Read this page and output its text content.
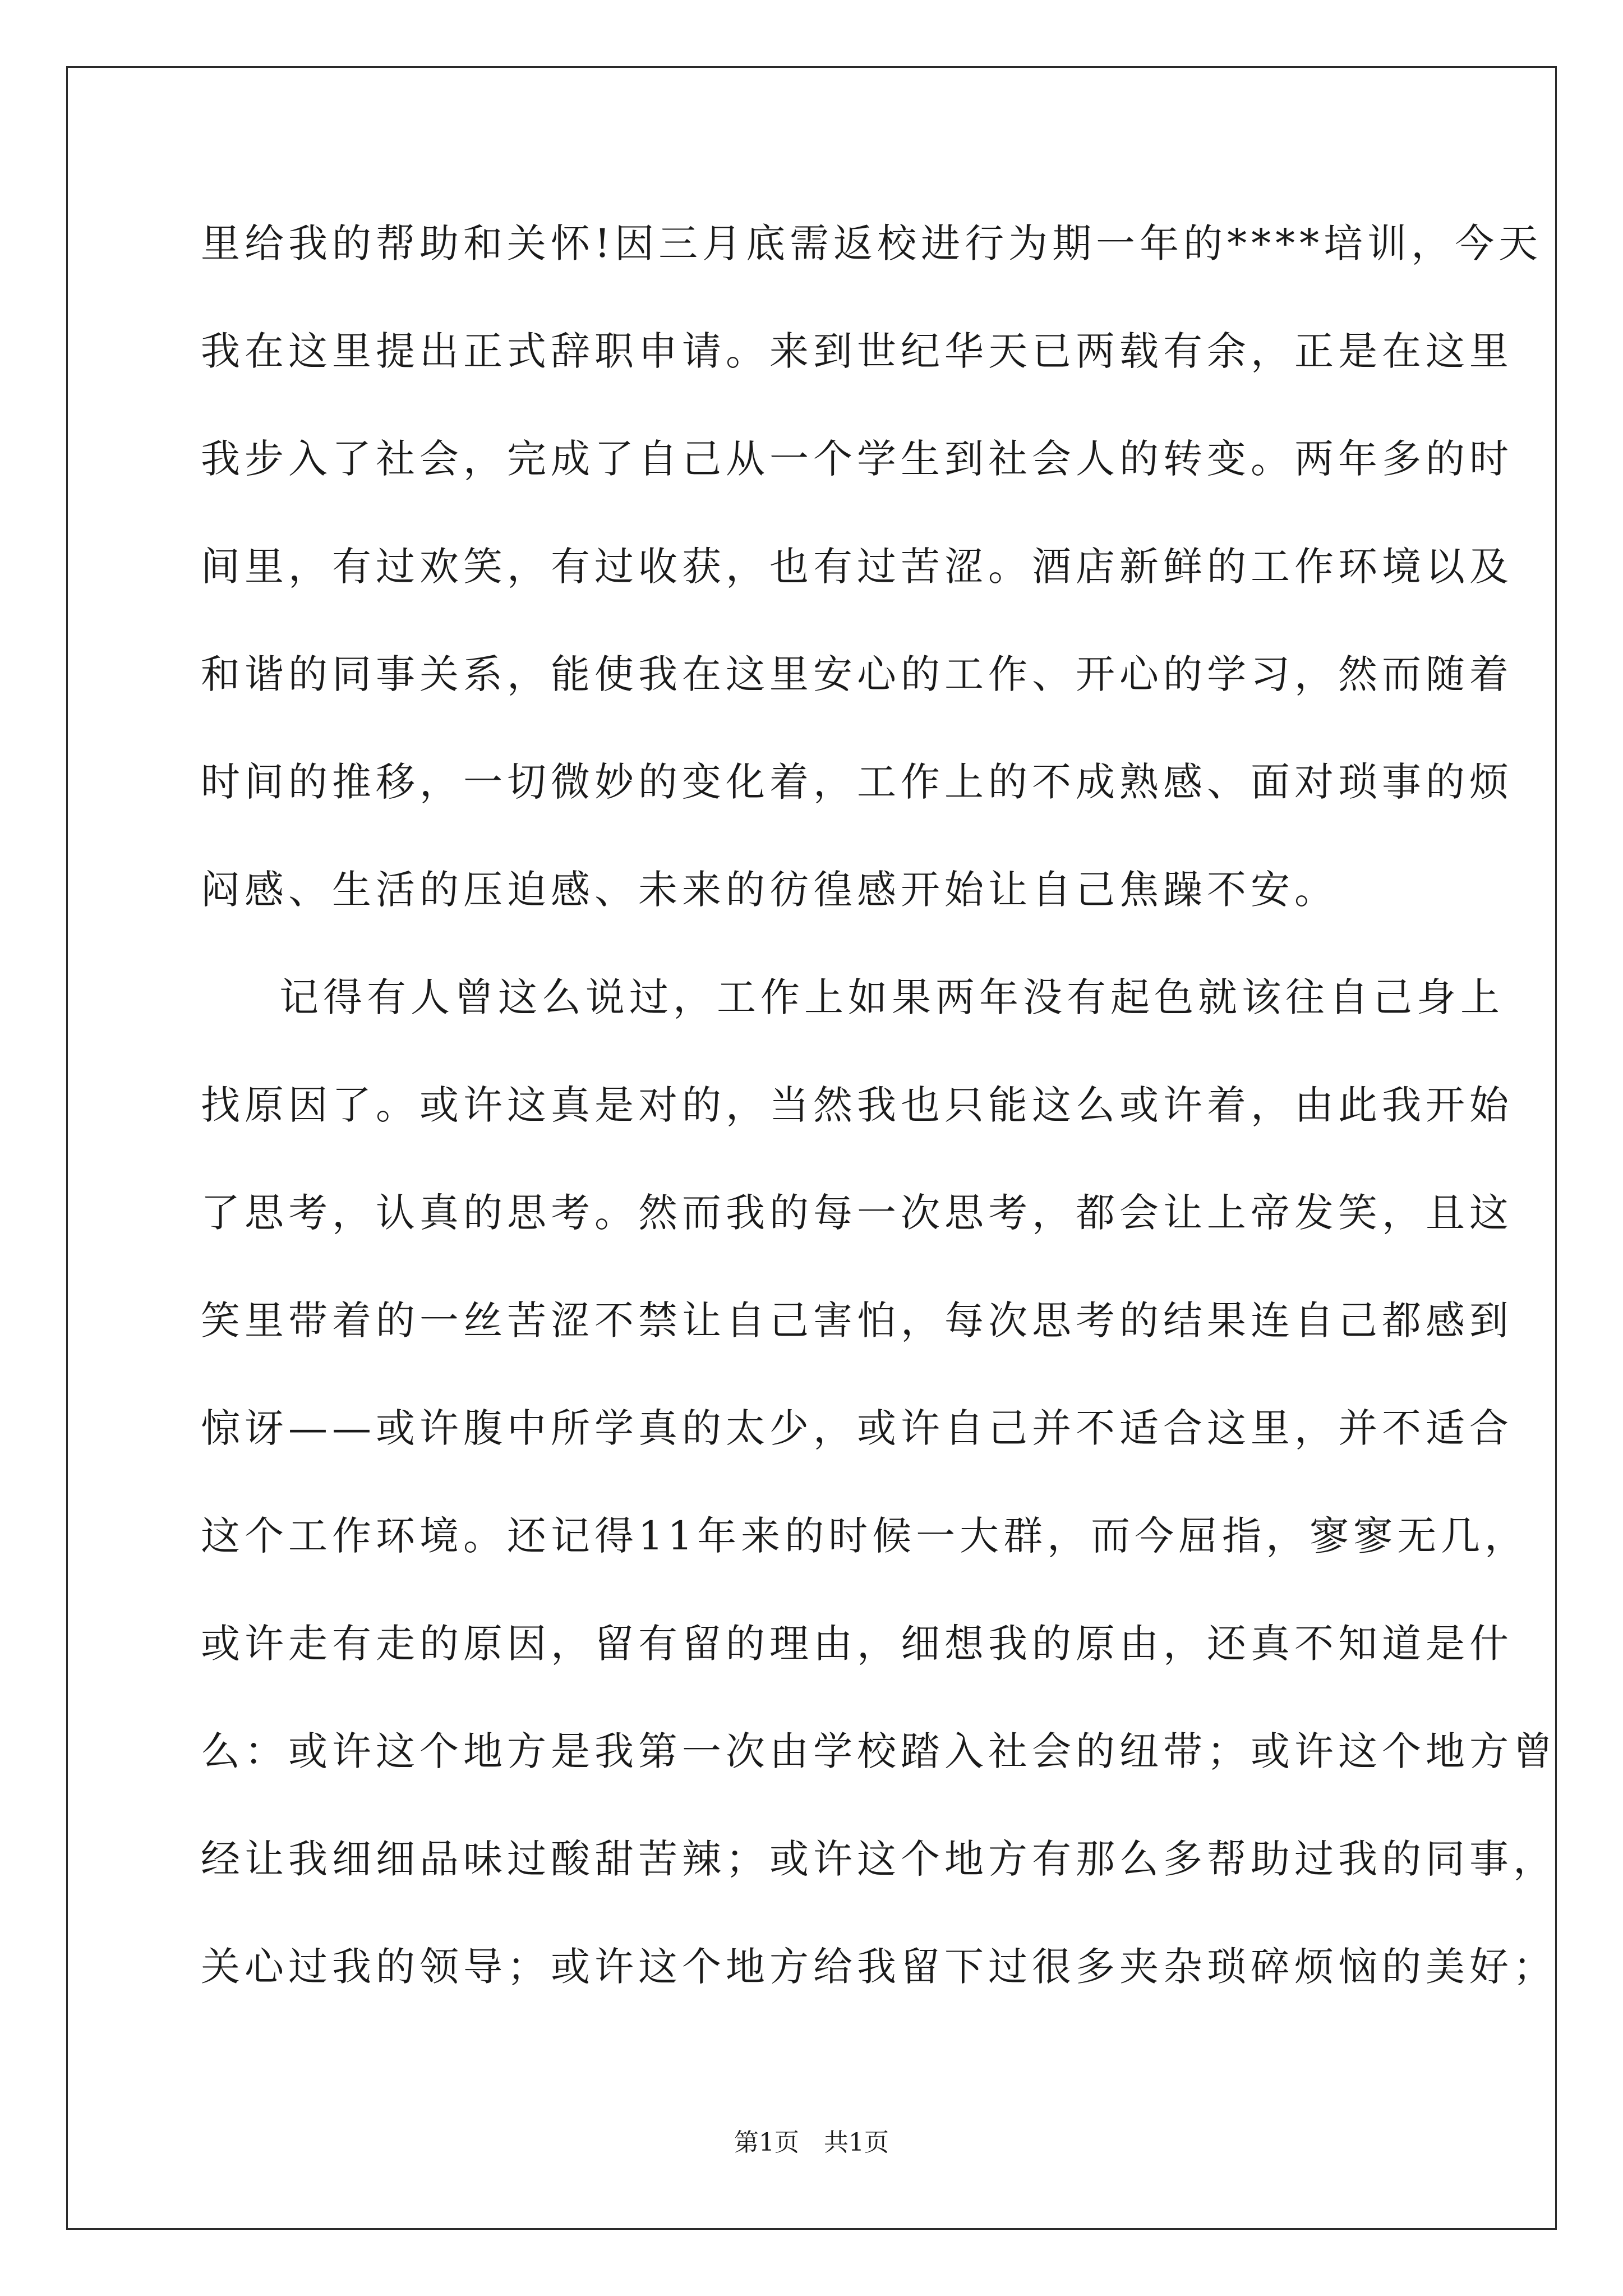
里给我的帮助和关怀!因三月底需返校进行为期一年的****培训，今天
我在这里提出正式辞职申请。来到世纪华天已两载有余，正是在这里
我步入了社会，完成了自己从一个学生到社会人的转变。两年多的时
间里，有过欢笑，有过收获，也有过苦涩。酒店新鲜的工作环境以及
和谐的同事关系，能使我在这里安心的工作、开心的学习，然而随着
时间的推移，一切微妙的变化着，工作上的不成熟感、面对琐事的烦
闷感、生活的压迫感、未来的彷徨感开始让自己焦躁不安。
记得有人曾这么说过，工作上如果两年没有起色就该往自己身上
找原因了。或许这真是对的，当然我也只能这么或许着，由此我开始
了思考，认真的思考。然而我的每一次思考，都会让上帝发笑，且这
笑里带着的一丝苦涩不禁让自己害怕，每次思考的结果连自己都感到
惊讶——或许腹中所学真的太少，或许自己并不适合这里，并不适合
这个工作环境。还记得11年来的时候一大群，而今屈指，寥寥无几，
或许走有走的原因，留有留的理由，细想我的原由，还真不知道是什
么：或许这个地方是我第一次由学校踏入社会的纽带；或许这个地方曾
经让我细细品味过酸甜苦辣；或许这个地方有那么多帮助过我的同事，
关心过我的领导；或许这个地方给我留下过很多夹杂琐碎烦恼的美好；
第1页　共1页
